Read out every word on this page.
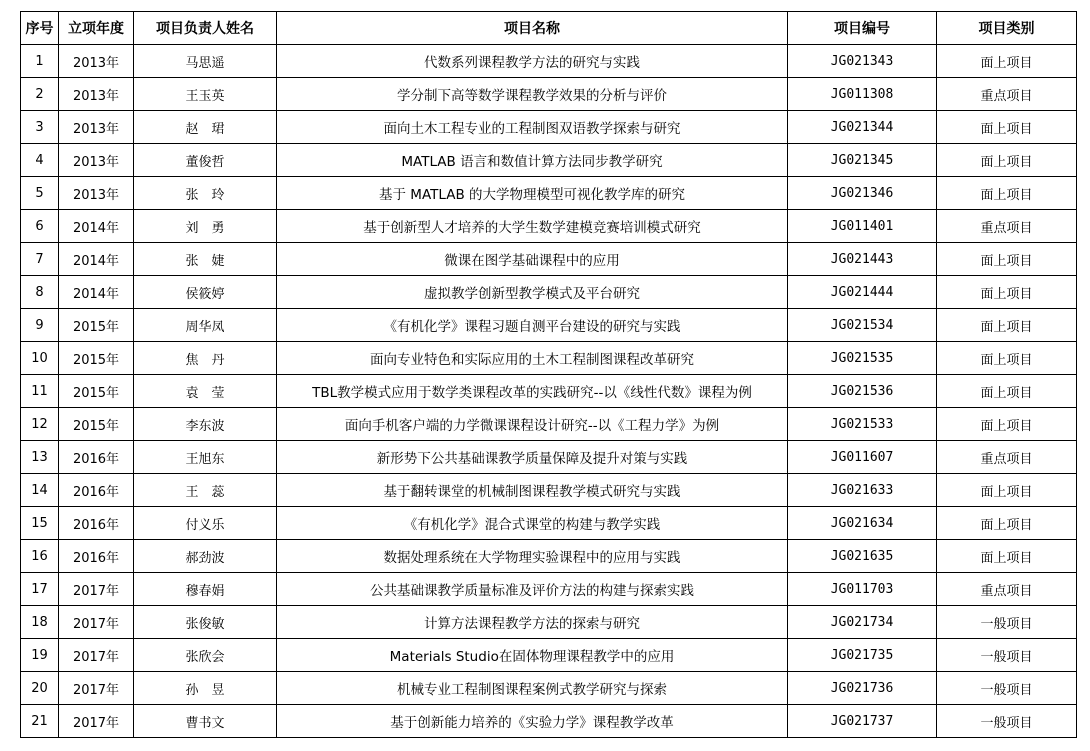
序号	立项年度	项目负责人姓名	项目名称	项目编号	项目类别
1	2013年	马思遥	代数系列课程教学方法的研究与实践	JG021343	面上项目
2	2013年	王玉英	学分制下高等数学课程教学效果的分析与评价	JG011308	重点项目
3	2013年	赵　珺	面向土木工程专业的工程制图双语教学探索与研究	JG021344	面上项目
4	2013年	董俊哲	MATLAB 语言和数值计算方法同步教学研究	JG021345	面上项目
5	2013年	张　玲	基于 MATLAB 的大学物理模型可视化教学库的研究	JG021346	面上项目
6	2014年	刘　勇	基于创新型人才培养的大学生数学建模竞赛培训模式研究	JG011401	重点项目
7	2014年	张　婕	微课在图学基础课程中的应用	JG021443	面上项目
8	2014年	侯筱婷	虚拟教学创新型教学模式及平台研究	JG021444	面上项目
9	2015年	周华凤	《有机化学》课程习题自测平台建设的研究与实践	JG021534	面上项目
10	2015年	焦　丹	面向专业特色和实际应用的土木工程制图课程改革研究	JG021535	面上项目
11	2015年	袁　莹	TBL教学模式应用于数学类课程改革的实践研究--以《线性代数》课程为例	JG021536	面上项目
12	2015年	李东波	面向手机客户端的力学微课课程设计研究--以《工程力学》为例	JG021533	面上项目
13	2016年	王旭东	新形势下公共基础课教学质量保障及提升对策与实践	JG011607	重点项目
14	2016年	王　蕊	基于翻转课堂的机械制图课程教学模式研究与实践	JG021633	面上项目
15	2016年	付义乐	《有机化学》混合式课堂的构建与教学实践	JG021634	面上项目
16	2016年	郝劲波	数据处理系统在大学物理实验课程中的应用与实践	JG021635	面上项目
17	2017年	穆春娟	公共基础课教学质量标准及评价方法的构建与探索实践	JG011703	重点项目
18	2017年	张俊敏	计算方法课程教学方法的探索与研究	JG021734	一般项目
19	2017年	张欣会	Materials Studio在固体物理课程教学中的应用	JG021735	一般项目
20	2017年	孙　昱	机械专业工程制图课程案例式教学研究与探索	JG021736	一般项目
21	2017年	曹书文	基于创新能力培养的《实验力学》课程教学改革	JG021737	一般项目
